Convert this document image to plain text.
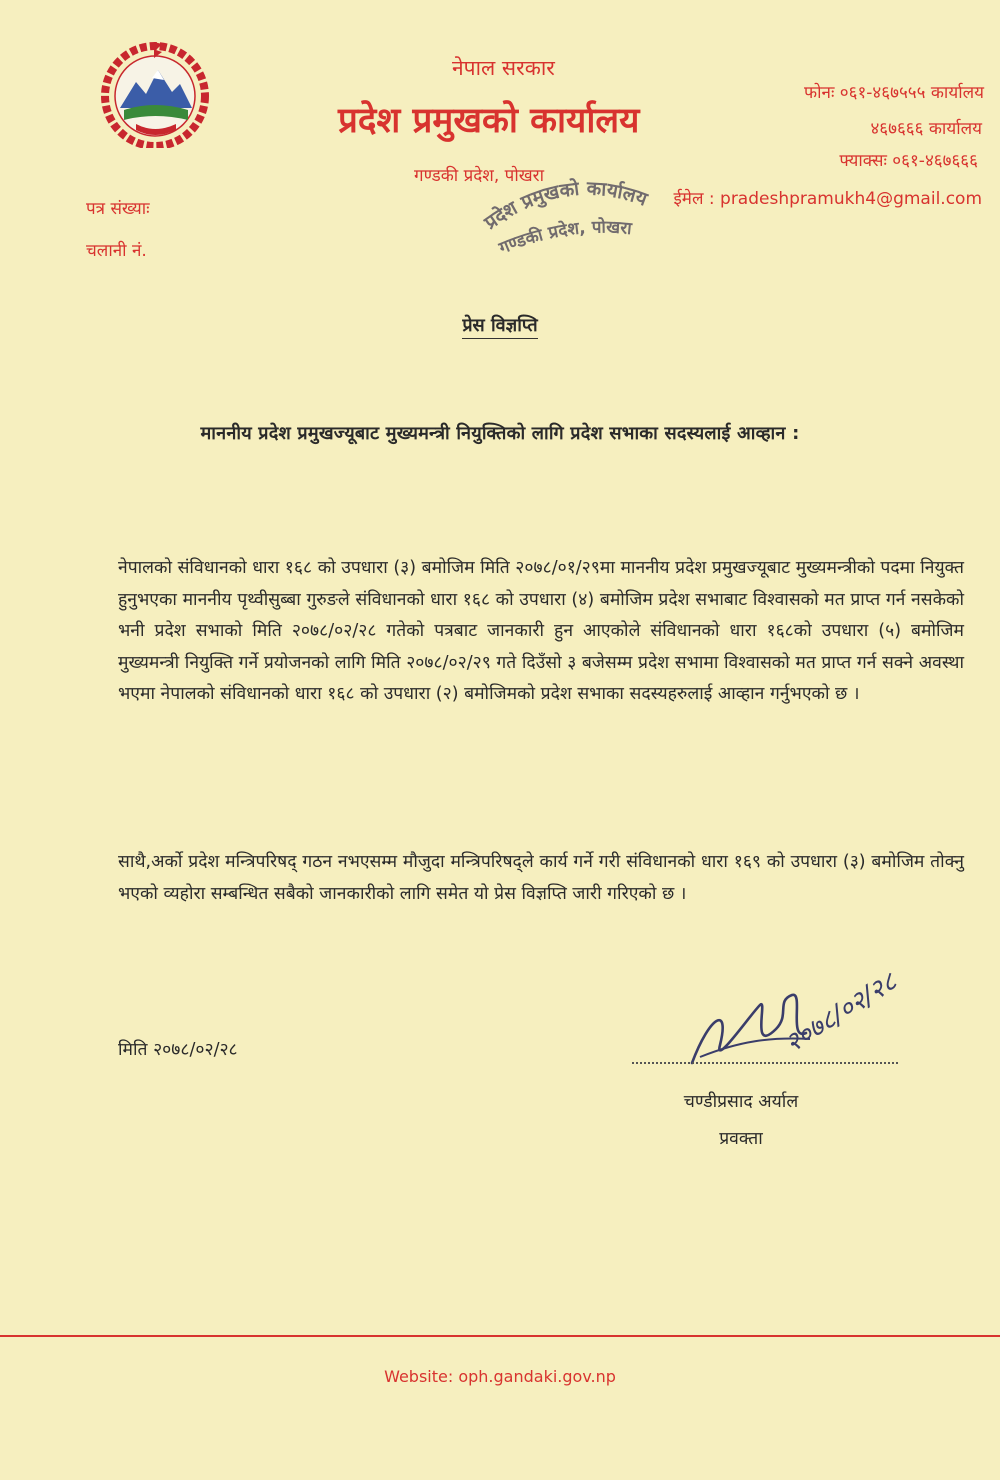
नेपाल सरकार
प्रदेश प्रमुखको कार्यालय
गण्डकी प्रदेश, पोखरा
फोनः ०६१-४६७५५५ कार्यालय
४६७६६६ कार्यालय
फ्याक्सः ०६१-४६७६६६
ईमेल : pradeshpramukh4@gmail.com
पत्र संख्याः
चलानी नं.
प्रदेश प्रमुखको कार्यालय
गण्डकी प्रदेश, पोखरा
प्रेस विज्ञप्ति
माननीय प्रदेश प्रमुखज्यूबाट मुख्यमन्त्री नियुक्तिको लागि प्रदेश सभाका सदस्यलाई आव्हान :
नेपालको संविधानको धारा १६८ को उपधारा (३) बमोजिम मिति २०७८/०१/२९मा माननीय प्रदेश प्रमुखज्यूबाट मुख्यमन्त्रीको पदमा नियुक्त हुनुभएका माननीय पृथ्वीसुब्बा गुरुङले संविधानको धारा १६८ को उपधारा (४) बमोजिम प्रदेश सभाबाट विश्वासको मत प्राप्त गर्न नसकेको भनी प्रदेश सभाको मिति २०७८/०२/२८ गतेको पत्रबाट जानकारी हुन आएकोले संविधानको धारा १६८को उपधारा (५) बमोजिम मुख्यमन्त्री नियुक्ति गर्ने प्रयोजनको लागि मिति २०७८/०२/२९ गते दिउँसो ३ बजेसम्म प्रदेश सभामा विश्वासको मत प्राप्त गर्न सक्ने अवस्था भएमा नेपालको संविधानको धारा १६८ को उपधारा (२) बमोजिमको प्रदेश सभाका सदस्यहरुलाई आव्हान गर्नुभएको छ ।
साथै,अर्को प्रदेश मन्त्रिपरिषद् गठन नभएसम्म मौजुदा मन्त्रिपरिषद्ले कार्य गर्ने गरी संविधानको धारा १६९ को उपधारा (३) बमोजिम तोक्नु भएको व्यहोरा सम्बन्धित सबैको जानकारीको लागि समेत यो प्रेस विज्ञप्ति जारी गरिएको छ ।
मिति २०७८/०२/२८	२०७८/०२/२८
चण्डीप्रसाद अर्याल
प्रवक्ता
Website: oph.gandaki.gov.np
